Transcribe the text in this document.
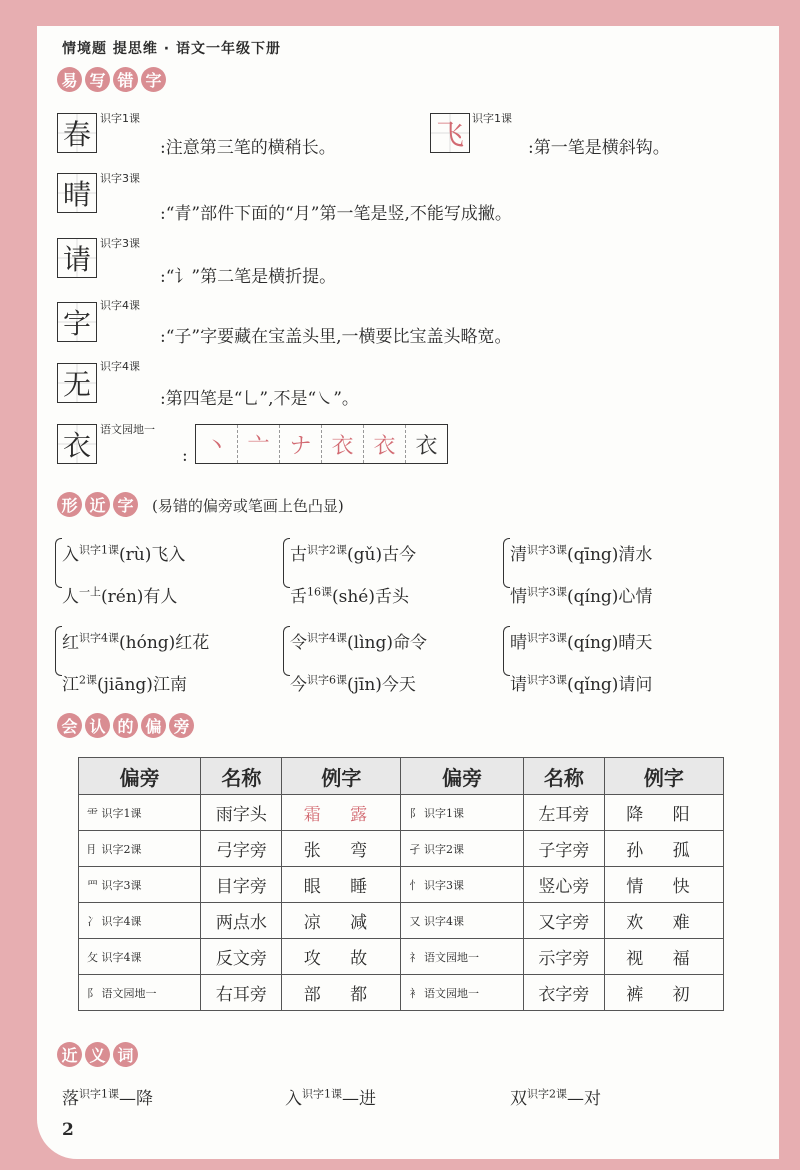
情境题 提思维 · 语文一年级下册
易 写 错 字
春 识字1课
:注意第三笔的横稍长。	飞 识字1课
:第一笔是横斜钩。
晴 识字3课
:“青”部件下面的“月”第一笔是竖,不能写成撇。
请 识字3课
:“讠”第二笔是横折提。
字
识字4课
:“子”字要藏在宝盖头里,一横要比宝盖头略宽。
无
识字4课
:第四笔是“乚”,不是“㇏”。
衣 语文园地一
: 丶 亠 ナ 衣 衣 衣
形 近 字	(易错的偏旁或笔画上色凸显)
入$^{识字1课}$(rù)飞入
人$^{一上}$(rén)有人
红$^{识字4课}$(hóng)红花
江$^{2课}$(jiāng)江南
古$^{识字2课}$(gǔ)古今
舌$^{16课}$(shé)舌头
令$^{识字4课}$(lìng)命令
今$^{识字6课}$(jīn)今天
清$^{识字3课}$(qīng)清水
情$^{识字3课}$(qíng)心情
晴$^{识字3课}$(qíng)晴天
请$^{识字3课}$(qǐng)请问
会 认 的 偏 旁
偏旁	名称	例字	偏旁	名称	例字
⻗ 识字1课	雨字头	霜 露	⻖ 识字1课	左耳旁	降 阳
⺝ 识字2课	弓字旁	张 弯	孑 识字2课	子字旁	孙 孤
⺫ 识字3课	目字旁	眼 睡	忄 识字3课	竖心旁	情 快
冫 识字4课	两点水	凉 减	又 识字4课	又字旁	欢 难
攵 识字4课	反文旁	攻 故	礻 语文园地一	示字旁	视 福
阝 语文园地一	右耳旁	部 都	衤 语文园地一	衣字旁	裤 初
近 义 词
落$^{识字1课}$—降	入$^{识字1课}$—进	双$^{识字2课}$—对
2
